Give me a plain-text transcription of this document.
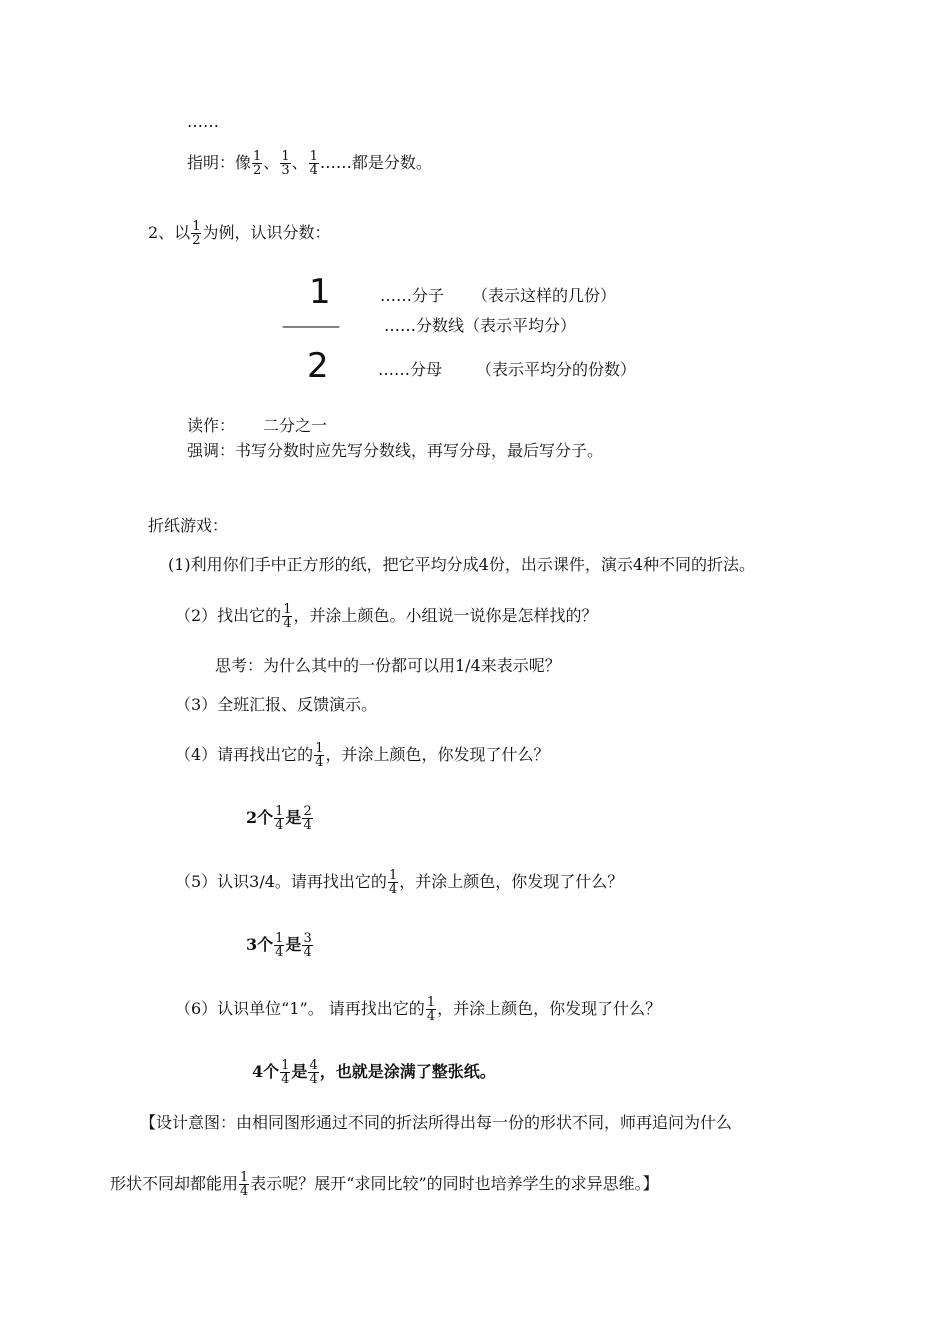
……
指明：像 $\frac{1}{2}$ 、 $\frac{1}{3}$ 、 $\frac{1}{4}$ ……都是分数。
2、以 $\frac{1}{2}$ 为例，认识分数：
1	……分子 （表示这样的几份）
————	……分数线（表示平均分）
2	……分母 （表示平均分的份数）
读作： 二分之一
强调：书写分数时应先写分数线，再写分母，最后写分子。
折纸游戏：
(1)利用你们手中正方形的纸，把它平均分成4份，出示课件，演示4种不同的折法。
（2）找出它的 $\frac{1}{4}$ ，并涂上颜色。小组说一说你是怎样找的？
思考：为什么其中的一份都可以用1/4来表示呢？
（3）全班汇报、反馈演示。
（4）请再找出它的 $\frac{1}{4}$ ，并涂上颜色，你发现了什么？
2个 $\frac{1}{4}$ 是 $\frac{2}{4}$
（5）认识3/4。请再找出它的 $\frac{1}{4}$ ，并涂上颜色，你发现了什么？
3个 $\frac{1}{4}$ 是 $\frac{3}{4}$
（6）认识单位“1”。 请再找出它的 $\frac{1}{4}$ ，并涂上颜色，你发现了什么？
4个 $\frac{1}{4}$ 是 $\frac{4}{4}$ ，也就是涂满了整张纸。
【设计意图：由相同图形通过不同的折法所得出每一份的形状不同，师再追问为什么
形状不同却都能用 $\frac{1}{4}$ 表示呢？展开“求同比较”的同时也培养学生的求异思维。】
